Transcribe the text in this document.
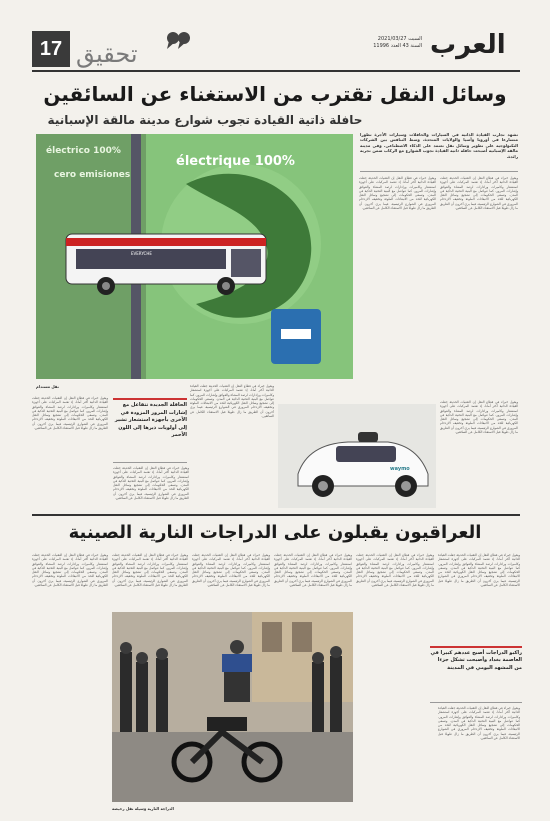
17 تحقيق
السبت 2021/03/27
السنة 43 العدد 11996 العرب
وسائل النقل تقترب من الاستغناء عن السائقين
حافلة ذاتية القيادة تجوب شوارع مدينة مالقة الإسبانية
100% électrico
cero emisiones
100% électrique
EVERYCHE
نقل مستدام
تشهد تجارب القيادة الذاتية في السيارات والحافلات وسيارات الأجرة تطورا متسارعا في أوروبا وآسيا والولايات المتحدة، وسط التنافس بين الشركات التكنولوجية على تطوير وسائل نقل تعتمد على الذكاء الاصطناعي. وفي مدينة مالقة الإسبانية أصبحت حافلة ذاتية القيادة تجوب الشوارع مع الركاب ضمن تجربة رائدة.
ويقول خبراء في قطاع النقل إن التقنيات الحديثة جعلت القيادة الذاتية أكثر أمانا، إذ تعتمد المركبات على أجهزة استشعار وكاميرات ورادارات لرصد المشاة والعوائق وإشارات المرور، كما تتواصل مع البنية التحتية الذكية في المدن. وتسعى الحكومات إلى تشجيع وسائل النقل الكهربائية للحد من الانبعاثات الملوثة وتخفيف الازدحام المروري في الشوارع الرئيسية، فيما يرى آخرون أن الطريق ما زال طويلا قبل الاستغناء الكامل عن السائقين.
ويقول خبراء في قطاع النقل إن التقنيات الحديثة جعلت القيادة الذاتية أكثر أمانا، إذ تعتمد المركبات على أجهزة استشعار وكاميرات ورادارات لرصد المشاة والعوائق وإشارات المرور، كما تتواصل مع البنية التحتية الذكية في المدن. وتسعى الحكومات إلى تشجيع وسائل النقل الكهربائية للحد من الانبعاثات الملوثة وتخفيف الازدحام المروري في الشوارع الرئيسية، فيما يرى آخرون أن الطريق ما زال طويلا قبل الاستغناء الكامل عن السائقين.
ويقول خبراء في قطاع النقل إن التقنيات الحديثة جعلت القيادة الذاتية أكثر أمانا، إذ تعتمد المركبات على أجهزة استشعار وكاميرات ورادارات لرصد المشاة والعوائق وإشارات المرور، كما تتواصل مع البنية التحتية الذكية في المدن. وتسعى الحكومات إلى تشجيع وسائل النقل الكهربائية للحد من الانبعاثات الملوثة وتخفيف الازدحام المروري في الشوارع الرئيسية، فيما يرى آخرون أن الطريق ما زال طويلا قبل الاستغناء الكامل عن السائقين.
waymo
ويقول خبراء في قطاع النقل إن التقنيات الحديثة جعلت القيادة الذاتية أكثر أمانا، إذ تعتمد المركبات على أجهزة استشعار وكاميرات ورادارات لرصد المشاة والعوائق وإشارات المرور، كما تتواصل مع البنية التحتية الذكية في المدن. وتسعى الحكومات إلى تشجيع وسائل النقل الكهربائية للحد من الانبعاثات الملوثة وتخفيف الازدحام المروري في الشوارع الرئيسية، فيما يرى آخرون أن الطريق ما زال طويلا قبل الاستغناء الكامل عن السائقين.
ويقول خبراء في قطاع النقل إن التقنيات الحديثة جعلت القيادة الذاتية أكثر أمانا، إذ تعتمد المركبات على أجهزة استشعار وكاميرات ورادارات لرصد المشاة والعوائق وإشارات المرور، كما تتواصل مع البنية التحتية الذكية في المدن. وتسعى الحكومات إلى تشجيع وسائل النقل الكهربائية للحد من الانبعاثات الملوثة وتخفيف الازدحام المروري في الشوارع الرئيسية، فيما يرى آخرون أن الطريق ما زال طويلا قبل الاستغناء الكامل عن السائقين.
الحافلة الجديدة تتفاعل مع إشارات المرور المزودة في الأخرى بأجهزة استشعار تشير إلى أولويات ذيرها إلى اللون الأحمر
ويقول خبراء في قطاع النقل إن التقنيات الحديثة جعلت القيادة الذاتية أكثر أمانا، إذ تعتمد المركبات على أجهزة استشعار وكاميرات ورادارات لرصد المشاة والعوائق وإشارات المرور، كما تتواصل مع البنية التحتية الذكية في المدن. وتسعى الحكومات إلى تشجيع وسائل النقل الكهربائية للحد من الانبعاثات الملوثة وتخفيف الازدحام المروري في الشوارع الرئيسية، فيما يرى آخرون أن الطريق ما زال طويلا قبل الاستغناء الكامل عن السائقين.
العراقيون يقبلون على الدراجات النارية الصينية
ويقول خبراء في قطاع النقل إن التقنيات الحديثة جعلت القيادة الذاتية أكثر أمانا، إذ تعتمد المركبات على أجهزة استشعار وكاميرات ورادارات لرصد المشاة والعوائق وإشارات المرور، كما تتواصل مع البنية التحتية الذكية في المدن. وتسعى الحكومات إلى تشجيع وسائل النقل الكهربائية للحد من الانبعاثات الملوثة وتخفيف الازدحام المروري في الشوارع الرئيسية، فيما يرى آخرون أن الطريق ما زال طويلا قبل الاستغناء الكامل عن السائقين.
ويقول خبراء في قطاع النقل إن التقنيات الحديثة جعلت القيادة الذاتية أكثر أمانا، إذ تعتمد المركبات على أجهزة استشعار وكاميرات ورادارات لرصد المشاة والعوائق وإشارات المرور، كما تتواصل مع البنية التحتية الذكية في المدن. وتسعى الحكومات إلى تشجيع وسائل النقل الكهربائية للحد من الانبعاثات الملوثة وتخفيف الازدحام المروري في الشوارع الرئيسية، فيما يرى آخرون أن الطريق ما زال طويلا قبل الاستغناء الكامل عن السائقين.
ويقول خبراء في قطاع النقل إن التقنيات الحديثة جعلت القيادة الذاتية أكثر أمانا، إذ تعتمد المركبات على أجهزة استشعار وكاميرات ورادارات لرصد المشاة والعوائق وإشارات المرور، كما تتواصل مع البنية التحتية الذكية في المدن. وتسعى الحكومات إلى تشجيع وسائل النقل الكهربائية للحد من الانبعاثات الملوثة وتخفيف الازدحام المروري في الشوارع الرئيسية، فيما يرى آخرون أن الطريق ما زال طويلا قبل الاستغناء الكامل عن السائقين.
ويقول خبراء في قطاع النقل إن التقنيات الحديثة جعلت القيادة الذاتية أكثر أمانا، إذ تعتمد المركبات على أجهزة استشعار وكاميرات ورادارات لرصد المشاة والعوائق وإشارات المرور، كما تتواصل مع البنية التحتية الذكية في المدن. وتسعى الحكومات إلى تشجيع وسائل النقل الكهربائية للحد من الانبعاثات الملوثة وتخفيف الازدحام المروري في الشوارع الرئيسية، فيما يرى آخرون أن الطريق ما زال طويلا قبل الاستغناء الكامل عن السائقين.
ويقول خبراء في قطاع النقل إن التقنيات الحديثة جعلت القيادة الذاتية أكثر أمانا، إذ تعتمد المركبات على أجهزة استشعار وكاميرات ورادارات لرصد المشاة والعوائق وإشارات المرور، كما تتواصل مع البنية التحتية الذكية في المدن. وتسعى الحكومات إلى تشجيع وسائل النقل الكهربائية للحد من الانبعاثات الملوثة وتخفيف الازدحام المروري في الشوارع الرئيسية، فيما يرى آخرون أن الطريق ما زال طويلا قبل الاستغناء الكامل عن السائقين.
ويقول خبراء في قطاع النقل إن التقنيات الحديثة جعلت القيادة الذاتية أكثر أمانا، إذ تعتمد المركبات على أجهزة استشعار وكاميرات ورادارات لرصد المشاة والعوائق وإشارات المرور، كما تتواصل مع البنية التحتية الذكية في المدن. وتسعى الحكومات إلى تشجيع وسائل النقل الكهربائية للحد من الانبعاثات الملوثة وتخفيف الازدحام المروري في الشوارع الرئيسية، فيما يرى آخرون أن الطريق ما زال طويلا قبل الاستغناء الكامل عن السائقين.
راكبو الدراجات أصبح عددهم كبيرا في العاصمة بغداد وأصبحت تشكل جزءا من المشهد اليومي في المدينة
ويقول خبراء في قطاع النقل إن التقنيات الحديثة جعلت القيادة الذاتية أكثر أمانا، إذ تعتمد المركبات على أجهزة استشعار وكاميرات ورادارات لرصد المشاة والعوائق وإشارات المرور، كما تتواصل مع البنية التحتية الذكية في المدن. وتسعى الحكومات إلى تشجيع وسائل النقل الكهربائية للحد من الانبعاثات الملوثة وتخفيف الازدحام المروري في الشوارع الرئيسية، فيما يرى آخرون أن الطريق ما زال طويلا قبل الاستغناء الكامل عن السائقين.
الدراجة النارية وسيلة نقل رخيصة
